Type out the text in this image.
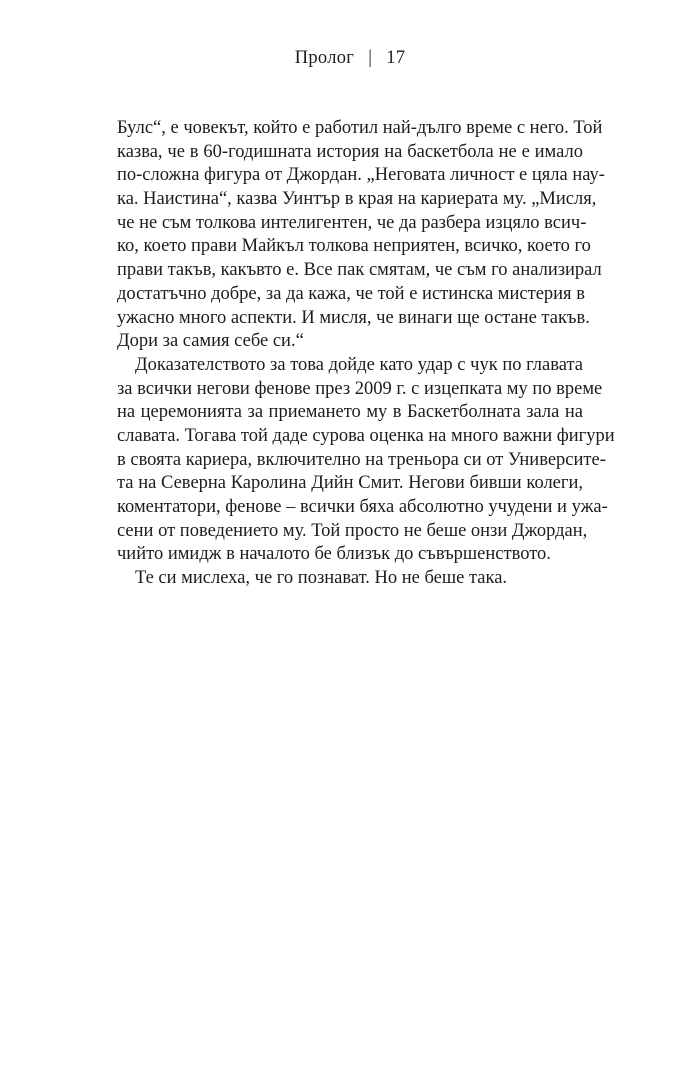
Пролог | 17
Булс“, е човекът, който е работил най-дълго време с него. Той
казва, че в 60-годишната история на баскетбола не е имало
по-сложна фигура от Джордан. „Неговата личност е цяла нау-
ка. Наистина“, казва Уинтър в края на кариерата му. „Мисля,
че не съм толкова интелигентен, че да разбера изцяло всич-
ко, което прави Майкъл толкова неприятен, всичко, което го
прави такъв, какъвто е. Все пак смятам, че съм го анализирал
достатъчно добре, за да кажа, че той е истинска мистерия в
ужасно много аспекти. И мисля, че винаги ще остане такъв.
Дори за самия себе си.“
Доказателството за това дойде като удар с чук по главата
за всички негови фенове през 2009 г. с изцепката му по време
на церемонията за приемането му в Баскетболната зала на
славата. Тогава той даде сурова оценка на много важни фигури
в своята кариера, включително на треньора си от Университе-
та на Северна Каролина Дийн Смит. Негови бивши колеги,
коментатори, фенове – всички бяха абсолютно учудени и ужа-
сени от поведението му. Той просто не беше онзи Джордан,
чийто имидж в началото бе близък до съвършенството.
Те си мислеха, че го познават. Но не беше така.
